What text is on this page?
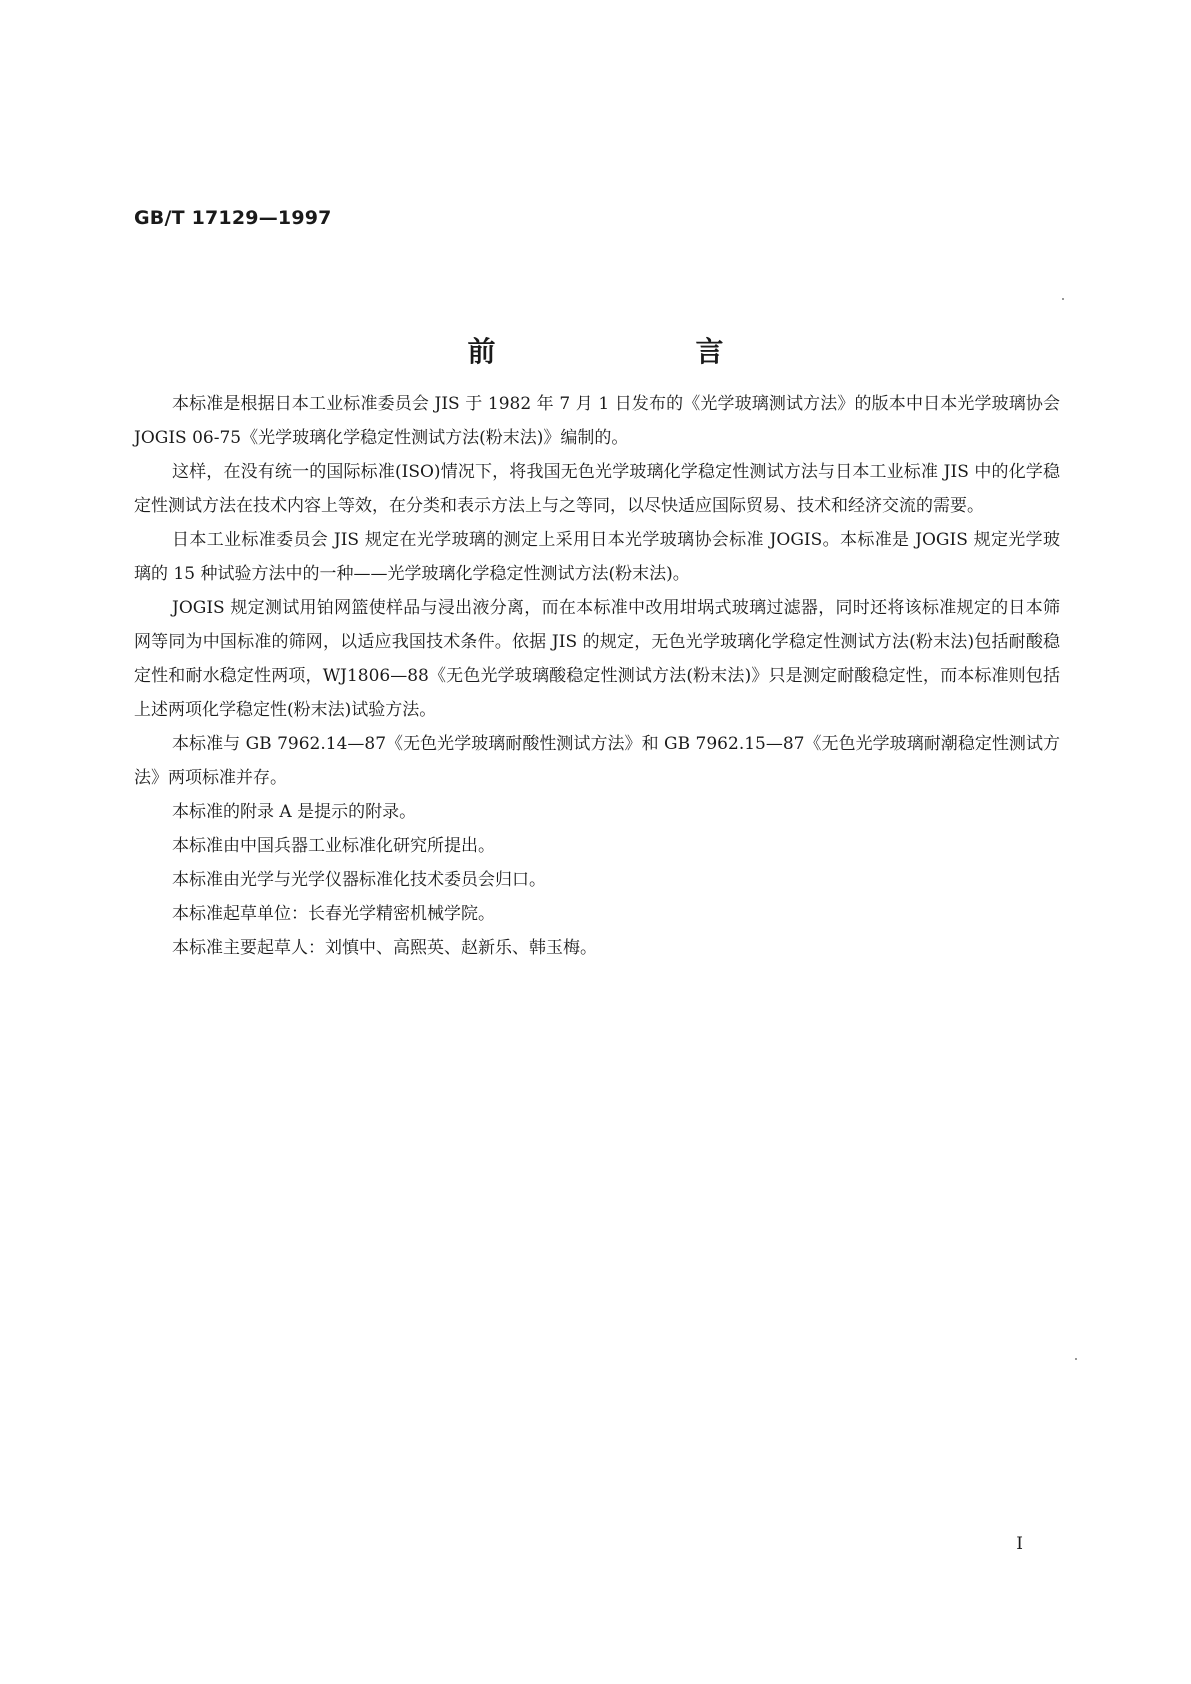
GB/T 17129—1997
前　言

本标准是根据日本工业标准委员会 JIS 于 1982 年 7 月 1 日发布的《光学玻璃测试方法》的版本中日本光学玻璃协会 JOGIS 06-75《光学玻璃化学稳定性测试方法(粉末法)》编制的。

这样，在没有统一的国际标准(ISO)情况下，将我国无色光学玻璃化学稳定性测试方法与日本工业标准 JIS 中的化学稳定性测试方法在技术内容上等效，在分类和表示方法上与之等同，以尽快适应国际贸易、技术和经济交流的需要。

日本工业标准委员会 JIS 规定在光学玻璃的测定上采用日本光学玻璃协会标准 JOGIS。本标准是 JOGIS 规定光学玻璃的 15 种试验方法中的一种——光学玻璃化学稳定性测试方法(粉末法)。

JOGIS 规定测试用铂网篮使样品与浸出液分离，而在本标准中改用坩埚式玻璃过滤器，同时还将该标准规定的日本筛网等同为中国标准的筛网，以适应我国技术条件。依据 JIS 的规定，无色光学玻璃化学稳定性测试方法(粉末法)包括耐酸稳定性和耐水稳定性两项，WJ1806—88《无色光学玻璃酸稳定性测试方法(粉末法)》只是测定耐酸稳定性，而本标准则包括上述两项化学稳定性(粉末法)试验方法。

本标准与 GB 7962.14—87《无色光学玻璃耐酸性测试方法》和 GB 7962.15—87《无色光学玻璃耐潮稳定性测试方法》两项标准并存。

本标准的附录 A 是提示的附录。

本标准由中国兵器工业标准化研究所提出。

本标准由光学与光学仪器标准化技术委员会归口。

本标准起草单位：长春光学精密机械学院。

本标准主要起草人：刘慎中、高熙英、赵新乐、韩玉梅。

I
